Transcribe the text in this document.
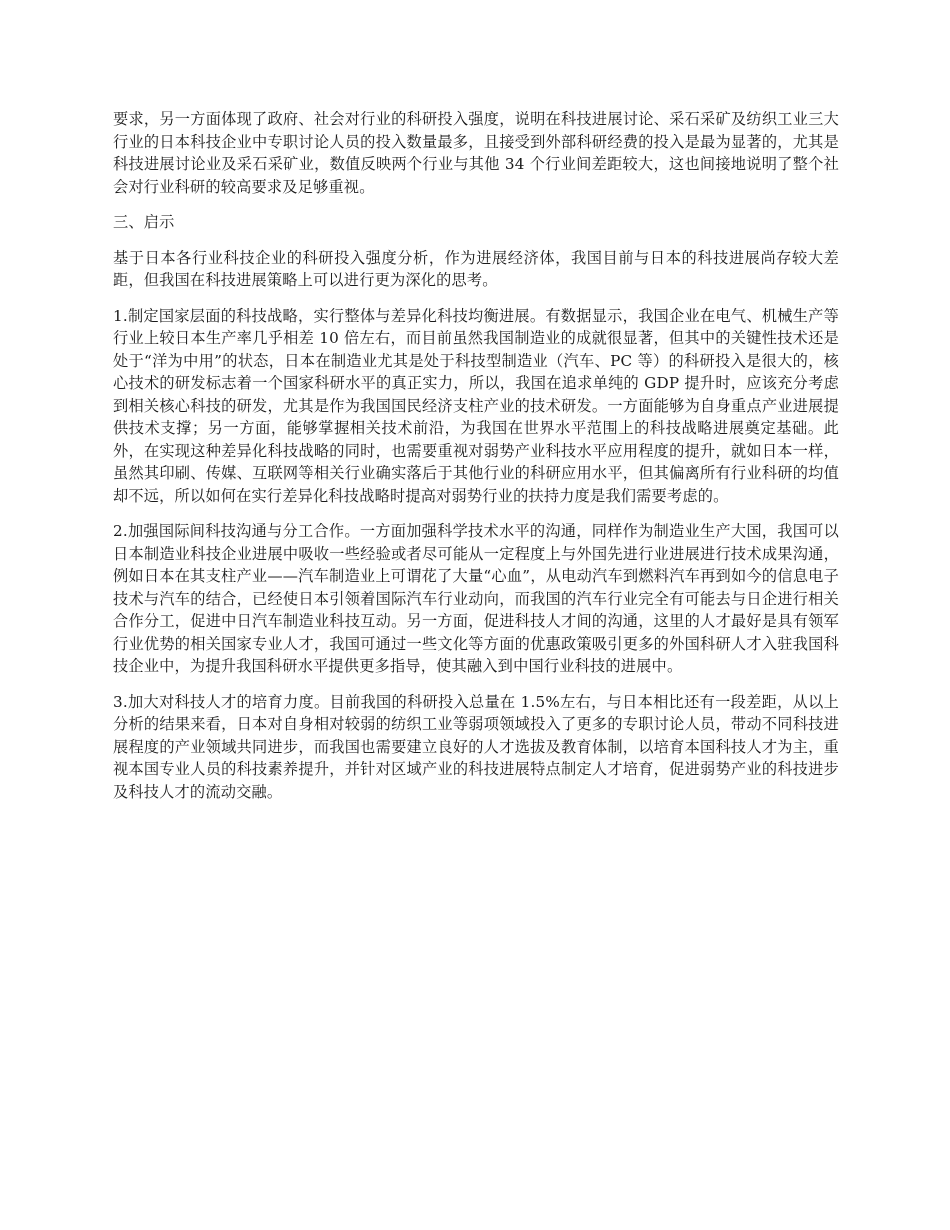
要求，另一方面体现了政府、社会对行业的科研投入强度，说明在科技进展讨论、采石采矿及纺织工业三大行业的日本科技企业中专职讨论人员的投入数量最多，且接受到外部科研经费的投入是最为显著的，尤其是科技进展讨论业及采石采矿业，数值反映两个行业与其他 34 个行业间差距较大，这也间接地说明了整个社会对行业科研的较高要求及足够重视。

三、启示

基于日本各行业科技企业的科研投入强度分析，作为进展经济体，我国目前与日本的科技进展尚存较大差距，但我国在科技进展策略上可以进行更为深化的思考。

1.制定国家层面的科技战略，实行整体与差异化科技均衡进展。有数据显示，我国企业在电气、机械生产等行业上较日本生产率几乎相差 10 倍左右，而目前虽然我国制造业的成就很显著，但其中的关键性技术还是处于“洋为中用”的状态，日本在制造业尤其是处于科技型制造业（汽车、PC 等）的科研投入是很大的，核心技术的研发标志着一个国家科研水平的真正实力，所以，我国在追求单纯的 GDP 提升时，应该充分考虑到相关核心科技的研发，尤其是作为我国国民经济支柱产业的技术研发。一方面能够为自身重点产业进展提供技术支撑；另一方面，能够掌握相关技术前沿，为我国在世界水平范围上的科技战略进展奠定基础。此外，在实现这种差异化科技战略的同时，也需要重视对弱势产业科技水平应用程度的提升，就如日本一样，虽然其印刷、传媒、互联网等相关行业确实落后于其他行业的科研应用水平，但其偏离所有行业科研的均值却不远，所以如何在实行差异化科技战略时提高对弱势行业的扶持力度是我们需要考虑的。

2.加强国际间科技沟通与分工合作。一方面加强科学技术水平的沟通，同样作为制造业生产大国，我国可以日本制造业科技企业进展中吸收一些经验或者尽可能从一定程度上与外国先进行业进展进行技术成果沟通，例如日本在其支柱产业——汽车制造业上可谓花了大量“心血”，从电动汽车到燃料汽车再到如今的信息电子技术与汽车的结合，已经使日本引领着国际汽车行业动向，而我国的汽车行业完全有可能去与日企进行相关合作分工，促进中日汽车制造业科技互动。另一方面，促进科技人才间的沟通，这里的人才最好是具有领军行业优势的相关国家专业人才，我国可通过一些文化等方面的优惠政策吸引更多的外国科研人才入驻我国科技企业中，为提升我国科研水平提供更多指导，使其融入到中国行业科技的进展中。

3.加大对科技人才的培育力度。目前我国的科研投入总量在 1.5%左右，与日本相比还有一段差距，从以上分析的结果来看，日本对自身相对较弱的纺织工业等弱项领域投入了更多的专职讨论人员，带动不同科技进展程度的产业领域共同进步，而我国也需要建立良好的人才选拔及教育体制，以培育本国科技人才为主，重视本国专业人员的科技素养提升，并针对区域产业的科技进展特点制定人才培育，促进弱势产业的科技进步及科技人才的流动交融。
